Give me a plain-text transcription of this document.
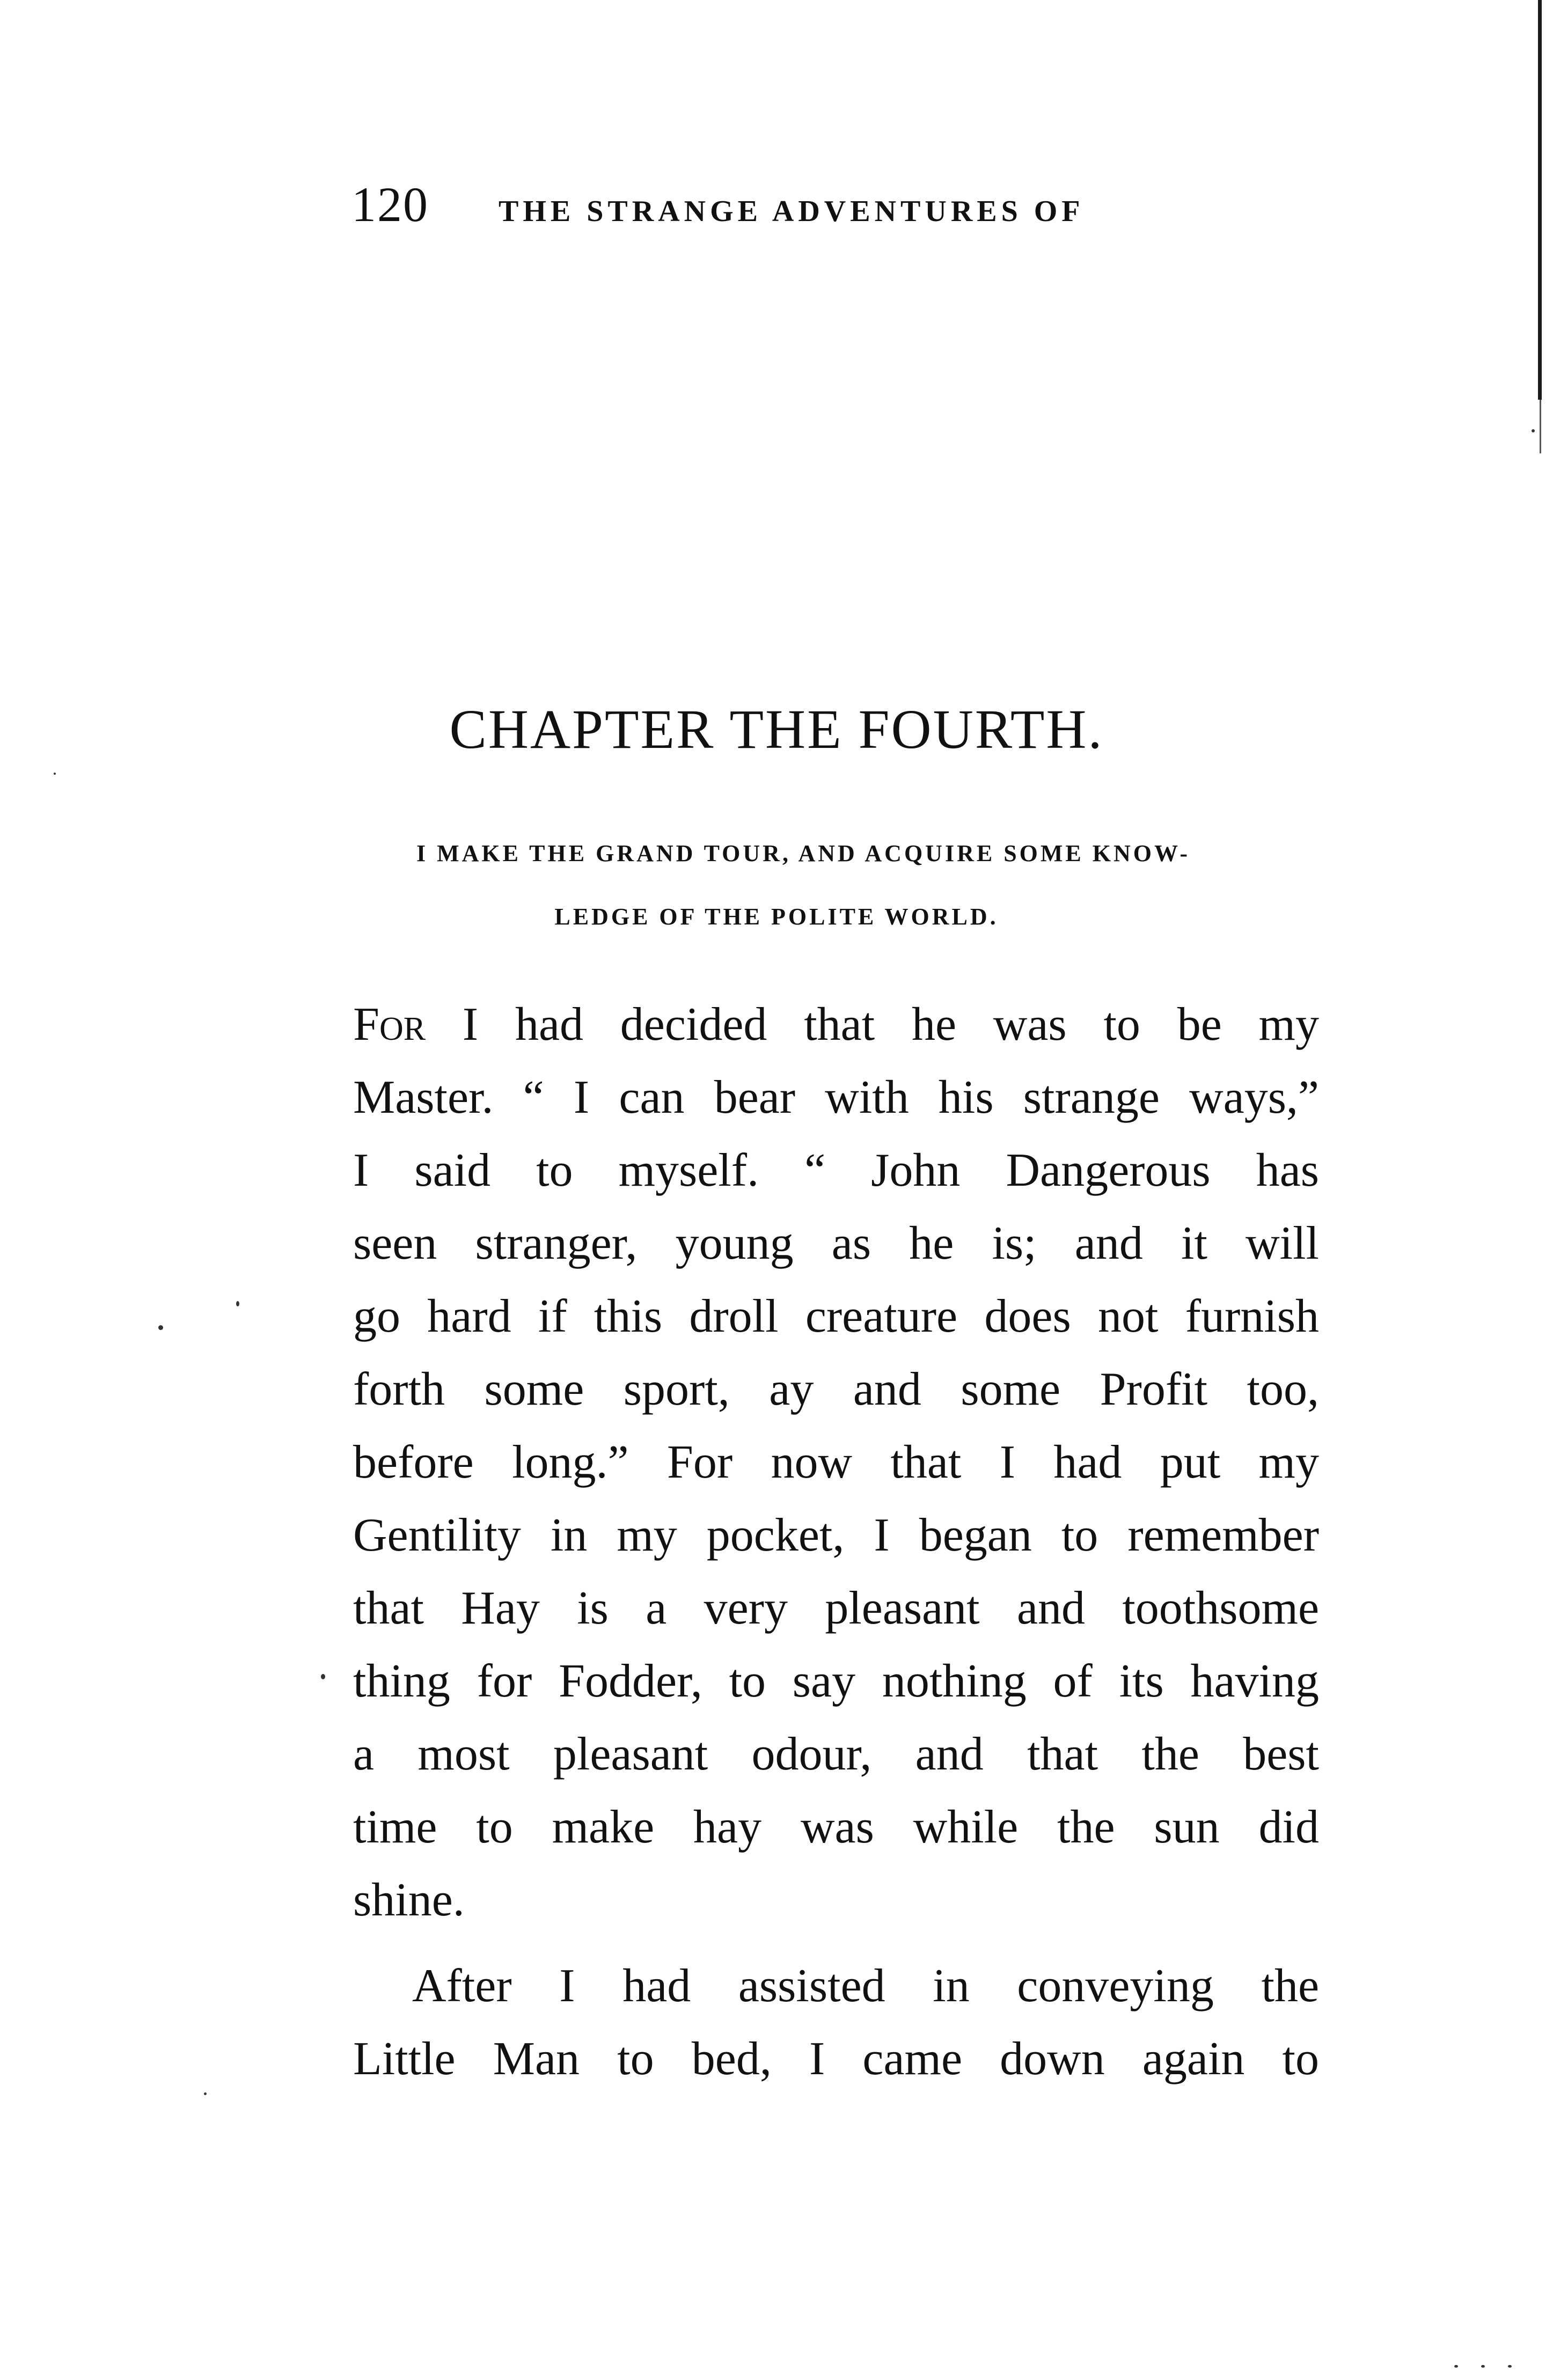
120 THE STRANGE ADVENTURES OF
CHAPTER THE FOURTH.
I MAKE THE GRAND TOUR, AND ACQUIRE SOME KNOW-
LEDGE OF THE POLITE WORLD.
For I had decided that he was to be my
Master. “ I can bear with his strange ways,”
I said to myself. “ John Dangerous has
seen stranger, young as he is; and it will
go hard if this droll creature does not furnish
forth some sport, ay and some Profit too,
before long.” For now that I had put my
Gentility in my pocket, I began to remember
that Hay is a very pleasant and toothsome
thing for Fodder, to say nothing of its having
a most pleasant odour, and that the best
time to make hay was while the sun did
shine.
After I had assisted in conveying the
Little Man to bed, I came down again to
